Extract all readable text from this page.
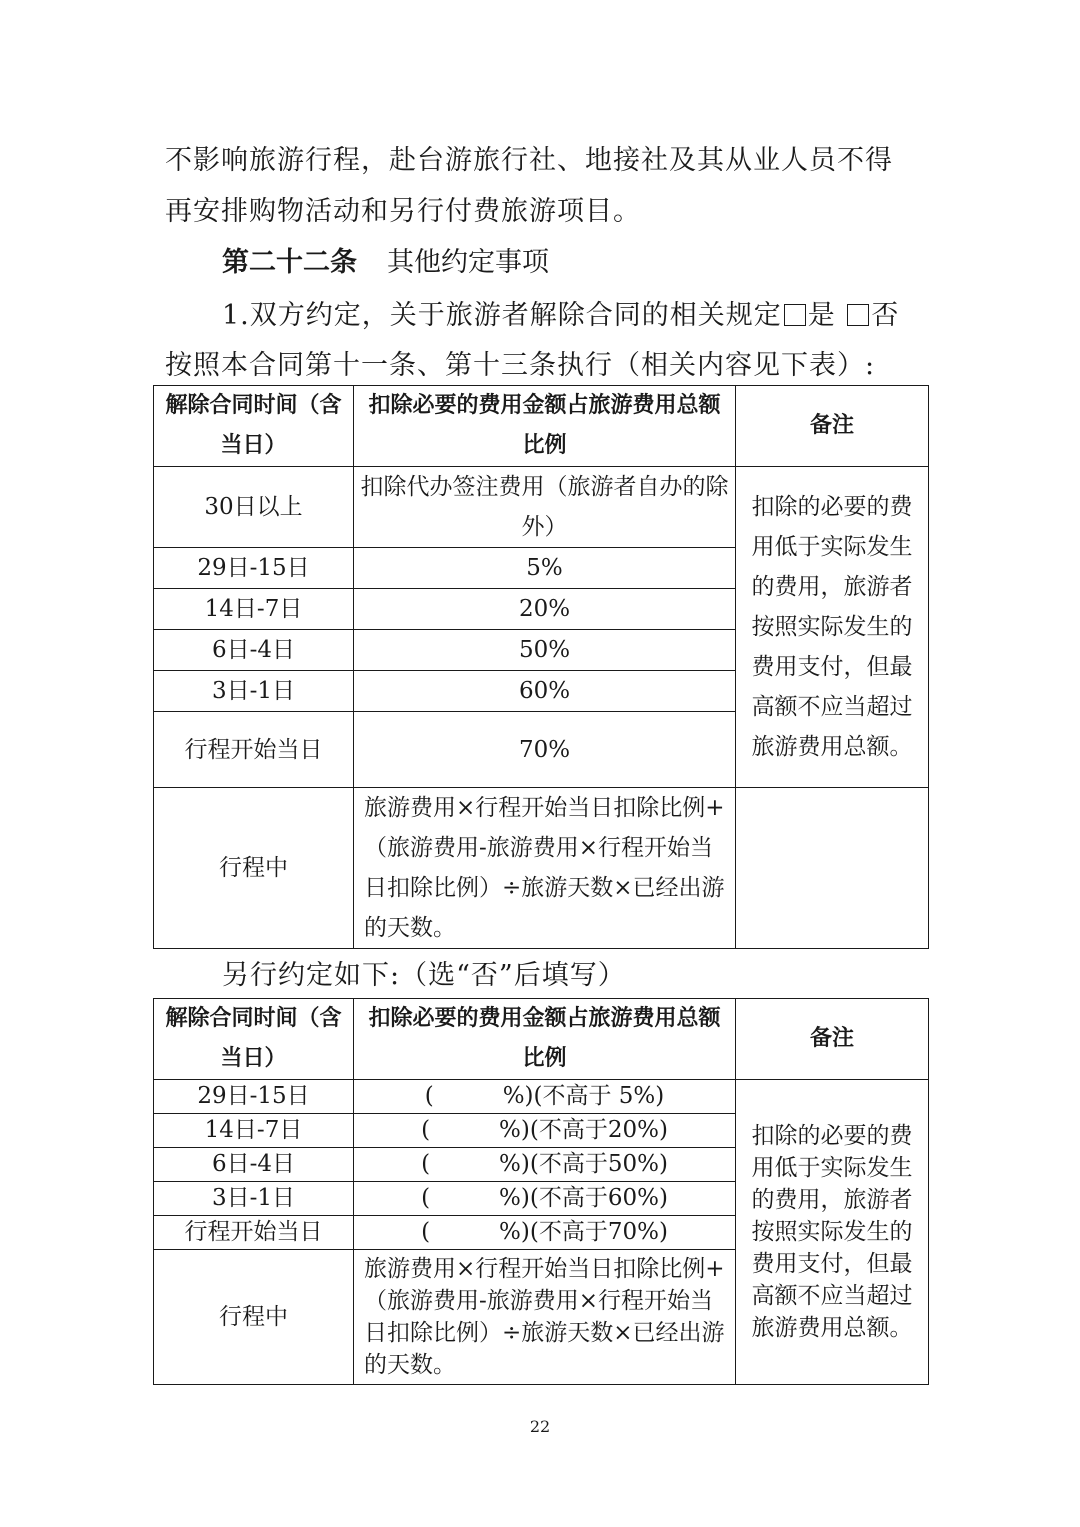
不影响旅游行程，赴台游旅行社、地接社及其从业人员不得
再安排购物活动和另行付费旅游项目。
第二十二条 其他约定事项
1.双方约定，关于旅游者解除合同的相关规定 是 否
按照本合同第十一条、第十三条执行（相关内容见下表）:
解除合同时间（含当日）	扣除必要的费用金额占旅游费用总额比例	备注
30日以上	扣除代办签注费用（旅游者自办的除外）	扣除的必要的费用低于实际发生的费用，旅游者按照实际发生的费用支付，但最高额不应当超过旅游费用总额。
29日-15日	5%	
14日-7日	20%	
6日-4日	50%	
3日-1日	60%	
行程开始当日	70%	
行程中	旅游费用×行程开始当日扣除比例+（旅游费用-旅游费用×行程开始当日扣除比例）÷旅游天数×已经出游的天数。	
另行约定如下:（选“否”后填写）
解除合同时间（含当日）	扣除必要的费用金额占旅游费用总额比例	备注
29日-15日	(　　　%)(不高于 5%)	扣除的必要的费用低于实际发生的费用，旅游者按照实际发生的费用支付，但最高额不应当超过旅游费用总额。
14日-7日	(　　　%)(不高于20%)	
6日-4日	(　　　%)(不高于50%)	
3日-1日	(　　　%)(不高于60%)	
行程开始当日	(　　　%)(不高于70%)	
行程中	旅游费用×行程开始当日扣除比例+（旅游费用-旅游费用×行程开始当日扣除比例）÷旅游天数×已经出游的天数。	
22
